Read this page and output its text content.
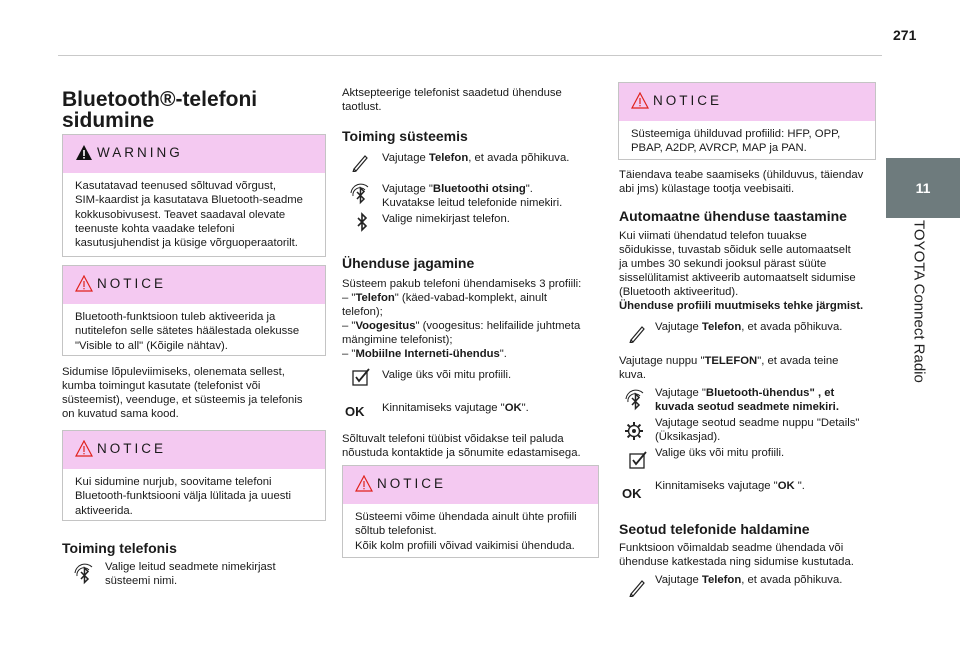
271
11
TOYOTA Connect Radio
Bluetooth®-telefoni
sidumine
WARNING
Kasutatavad teenused sõltuvad võrgust,
SIM-kaardist ja kasutatava Bluetooth-seadme
kokkusobivusest. Teavet saadaval olevate
teenuste kohta vaadake telefoni
kasutusjuhendist ja küsige võrguoperaatorilt.
NOTICE
Bluetooth-funktsioon tuleb aktiveerida ja
nutitelefon selle sätetes häälestada olekusse
"Visible to all" (Kõigile nähtav).
Sidumise lõpuleviimiseks, olenemata sellest,
kumba toimingut kasutate (telefonist või
süsteemist), veenduge, et süsteemis ja telefonis
on kuvatud sama kood.
NOTICE
Kui sidumine nurjub, soovitame telefoni
Bluetooth-funktsiooni välja lülitada ja uuesti
aktiveerida.
Toiming telefonis
Valige leitud seadmete nimekirjast
süsteemi nimi.
Aktsepteerige telefonist saadetud ühenduse
taotlust.
Toiming süsteemis
Vajutage Telefon, et avada põhikuva.
Vajutage "Bluetoothi otsing".
Kuvatakse leitud telefonide nimekiri.
Valige nimekirjast telefon.
Ühenduse jagamine
Süsteem pakub telefoni ühendamiseks 3 profiili:
– "Telefon" (käed-vabad-komplekt, ainult
telefon);
– "Voogesitus" (voogesitus: helifailide juhtmeta
mängimine telefonist);
– "Mobiilne Interneti-ühendus".
Valige üks või mitu profiili.
OK Kinnitamiseks vajutage "OK".
Sõltuvalt telefoni tüübist võidakse teil paluda
nõustuda kontaktide ja sõnumite edastamisega.
NOTICE
Süsteemi võime ühendada ainult ühte profiili
sõltub telefonist.
Kõik kolm profiili võivad vaikimisi ühenduda.
NOTICE
Süsteemiga ühilduvad profiilid: HFP, OPP,
PBAP, A2DP, AVRCP, MAP ja PAN.
Täiendava teabe saamiseks (ühilduvus, täiendav
abi jms) külastage tootja veebisaiti.
Automaatne ühenduse taastamine
Kui viimati ühendatud telefon tuuakse
sõidukisse, tuvastab sõiduk selle automaatselt
ja umbes 30 sekundi jooksul pärast süüte
sisselülitamist aktiveerib automaatselt sidumise
(Bluetooth aktiveeritud).
Ühenduse profiili muutmiseks tehke järgmist.
Vajutage Telefon, et avada põhikuva.
Vajutage nuppu "TELEFON", et avada teine
kuva.
Vajutage "Bluetooth-ühendus" , et
kuvada seotud seadmete nimekiri.
Vajutage seotud seadme nuppu "Details"
(Üksikasjad).
Valige üks või mitu profiili.
OK Kinnitamiseks vajutage "OK ".
Seotud telefonide haldamine
Funktsioon võimaldab seadme ühendada või
ühenduse katkestada ning sidumise kustutada.
Vajutage Telefon, et avada põhikuva.
